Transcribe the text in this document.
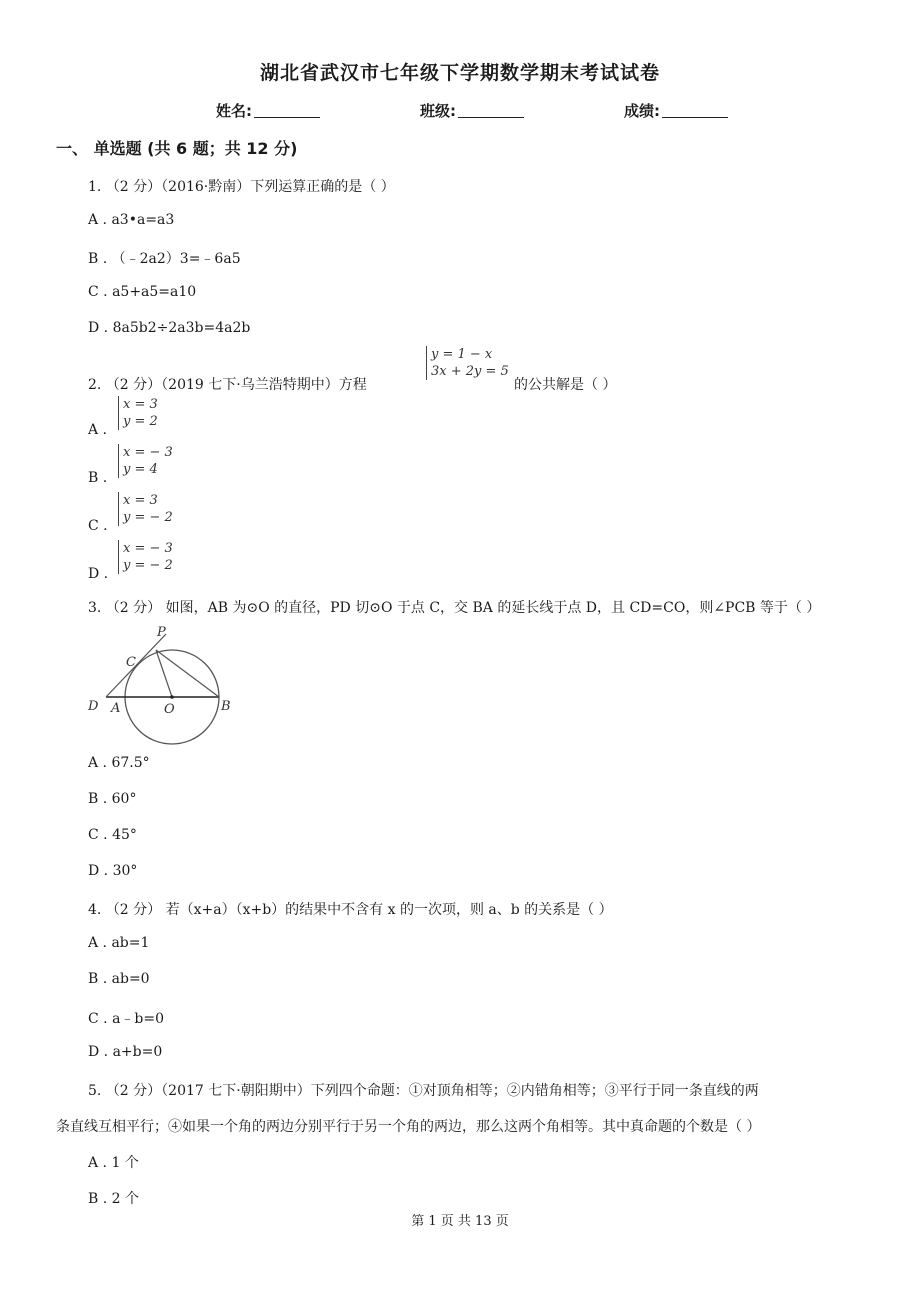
湖北省武汉市七年级下学期数学期末考试试卷
姓名:	班级:	成绩:
一、 单选题 (共 6 题；共 12 分)
1. （2 分）（2016·黔南）下列运算正确的是（ ）
A . a3•a=a3
B . （﹣2a2）3=﹣6a5
C . a5+a5=a10
D . 8a5b2÷2a3b=4a2b
2. （2 分）（2019 七下·乌兰浩特期中）方程
y = 1 − x
3x + 2y = 5
的公共解是（ ）
A .
x = 3
y = 2
B .
x = − 3
y = 4
C .
x = 3
y = − 2
D .
x = − 3
y = − 2
3. （2 分） 如图，AB 为⊙O 的直径，PD 切⊙O 于点 C，交 BA 的延长线于点 D，且 CD=CO，则∠PCB 等于（ ）
P
C
D A	O	B
A . 67.5°
B . 60°
C . 45°
D . 30°
4. （2 分） 若（x+a）（x+b）的结果中不含有 x 的一次项，则 a、b 的关系是（ ）
A . ab=1
B . ab=0
C . a﹣b=0
D . a+b=0
5. （2 分）（2017 七下·朝阳期中）下列四个命题：①对顶角相等；②内错角相等；③平行于同一条直线的两
条直线互相平行；④如果一个角的两边分别平行于另一个角的两边，那么这两个角相等。其中真命题的个数是（ ）
A . 1 个
B . 2 个
第 1 页 共 13 页
